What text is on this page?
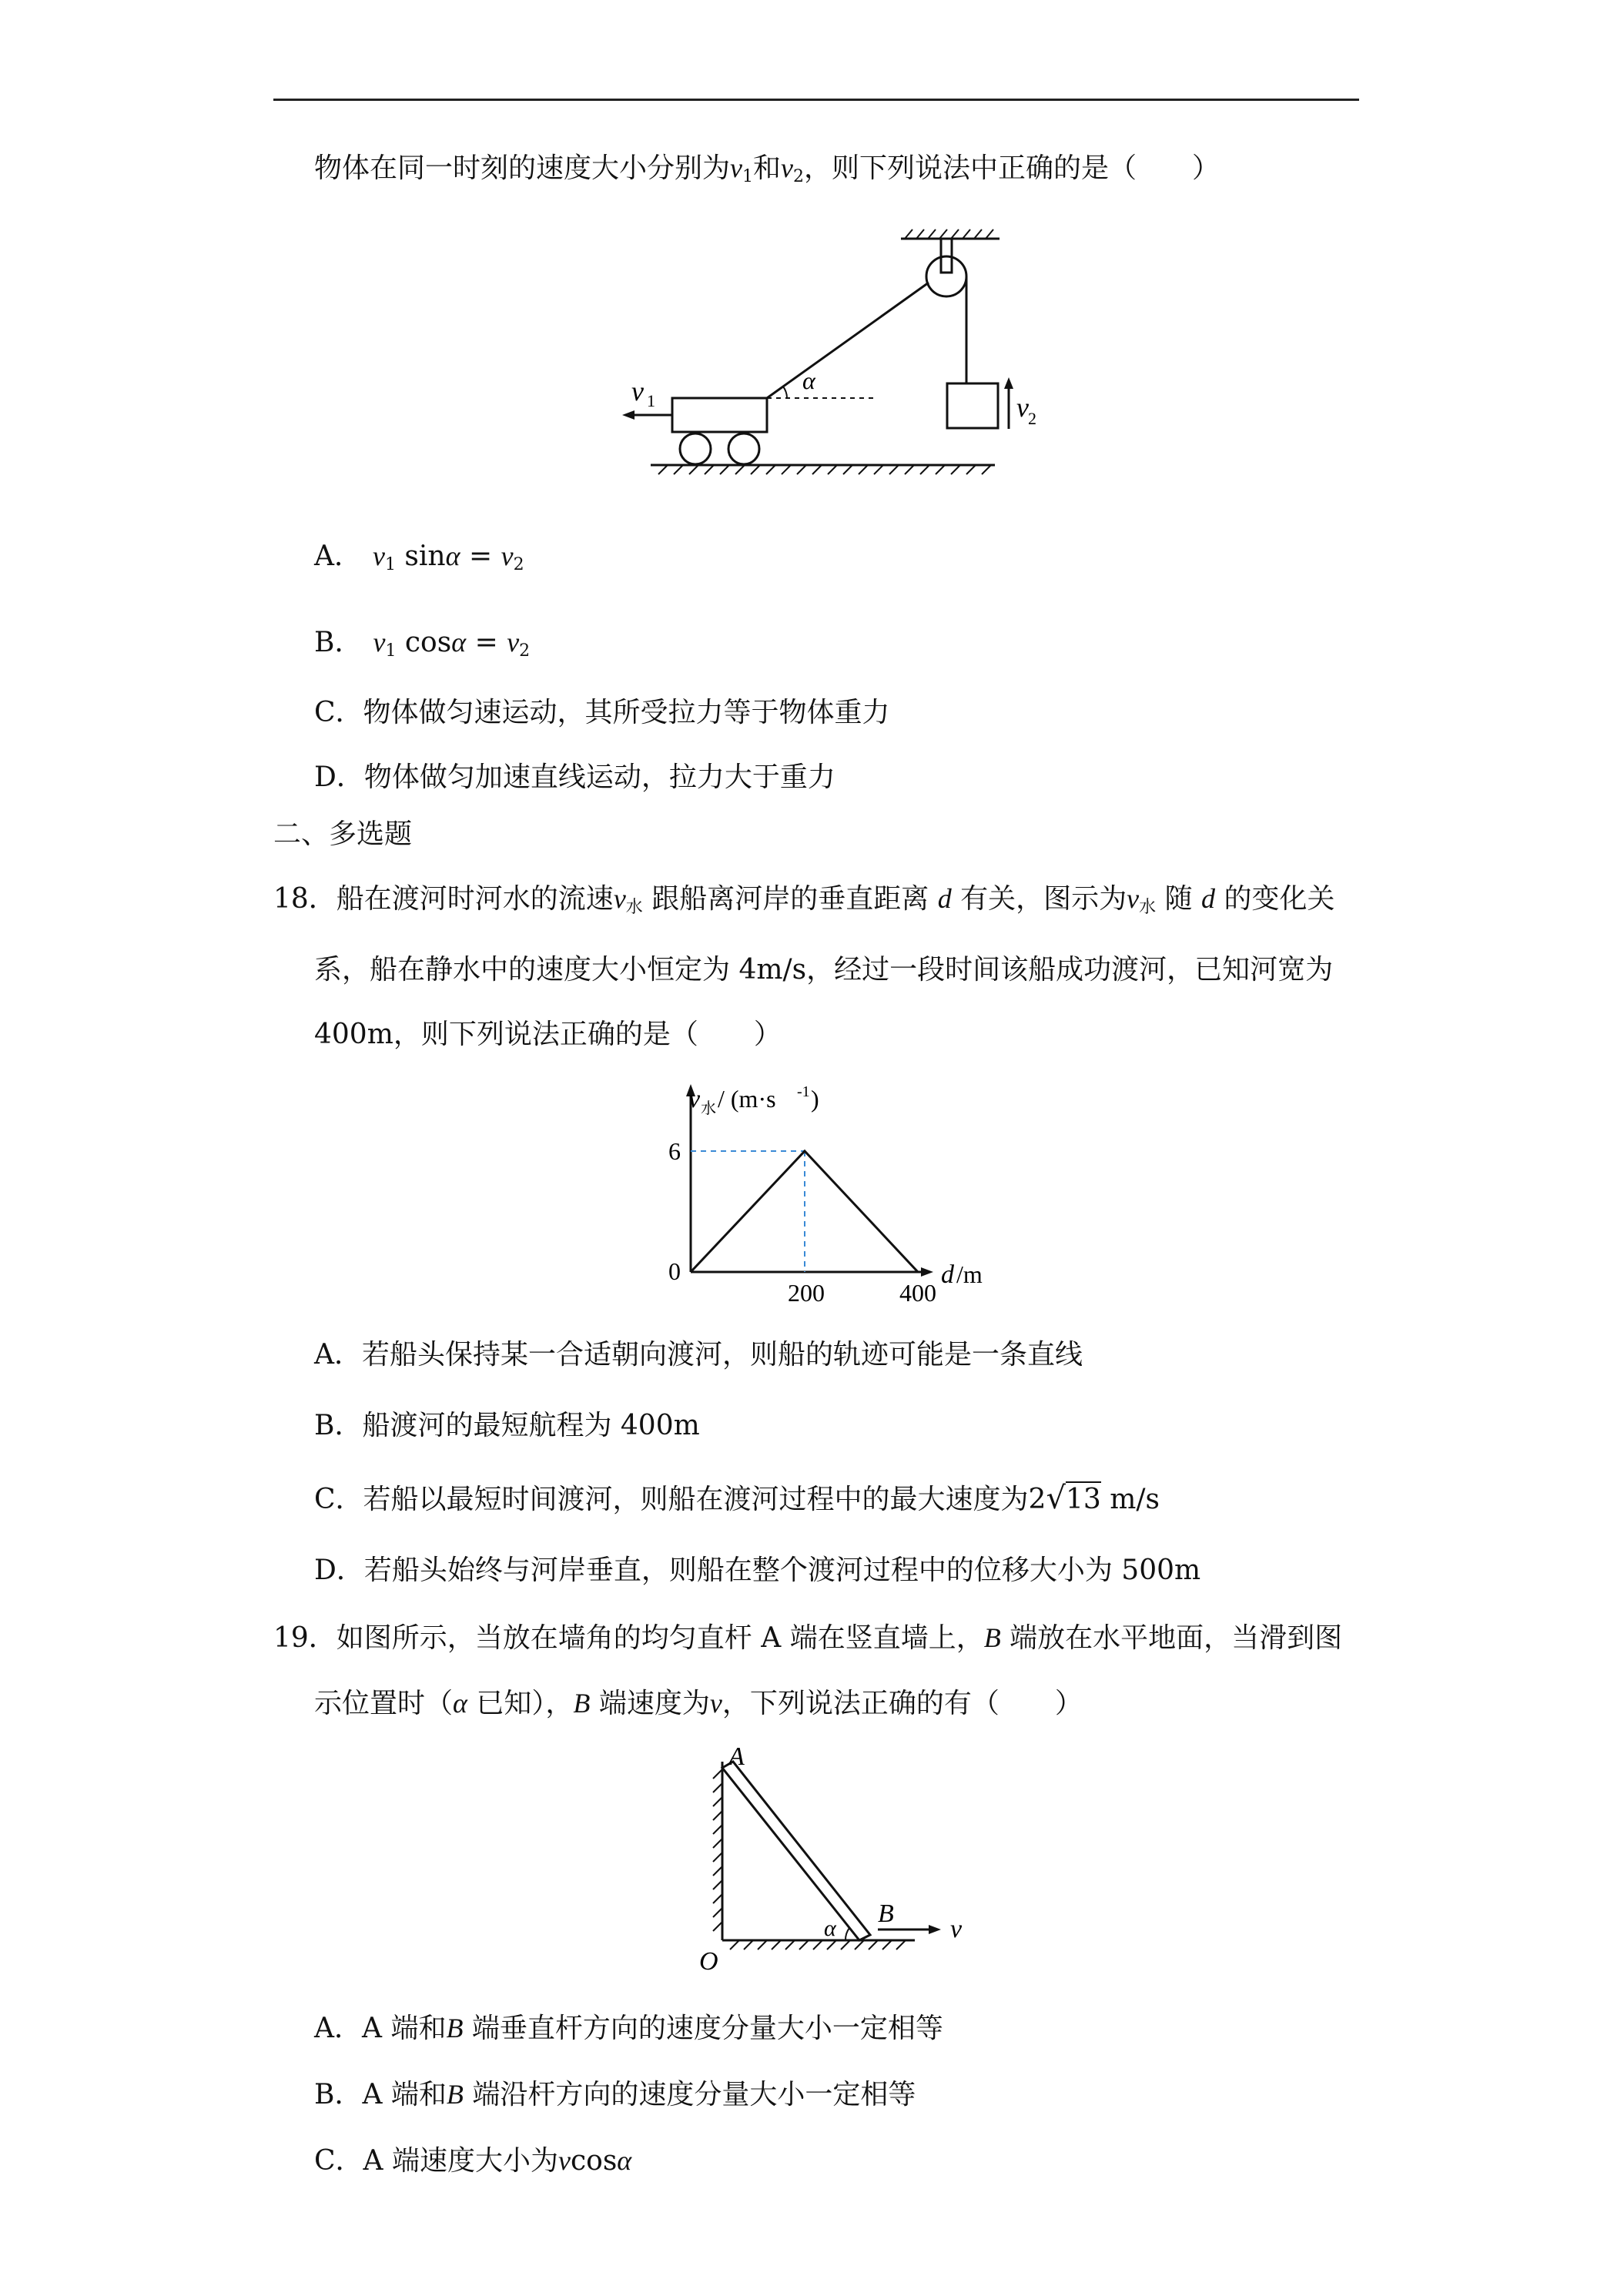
物体在同一时刻的速度大小分别为$v_1$和$v_2$，则下列说法中正确的是（　　）
v 1
α
v 2
A． $v_1$ $\sin\alpha = v_2$
B． $v_1$ $\cos\alpha = v_2$
C．物体做匀速运动，其所受拉力等于物体重力
D．物体做匀加速直线运动，拉力大于重力
二、多选题
18．船在渡河时河水的流速$v_水$ 跟船离河岸的垂直距离 d 有关，图示为$v_水$ 随 d 的变化关
系，船在静水中的速度大小恒定为 4m/s，经过一段时间该船成功渡河，已知河宽为
400m，则下列说法正确的是（　　）
v 水 / (m·s -1 )
6
0
200	400
d /m
A．若船头保持某一合适朝向渡河，则船的轨迹可能是一条直线
B．船渡河的最短航程为 400m
C．若船以最短时间渡河，则船在渡河过程中的最大速度为2√13 m/s
D．若船头始终与河岸垂直，则船在整个渡河过程中的位移大小为 500m
19．如图所示，当放在墙角的均匀直杆 A 端在竖直墙上，B 端放在水平地面，当滑到图
示位置时（α 已知），B 端速度为v，下列说法正确的有（　　）
A
B
O
α	v
A．A 端和B 端垂直杆方向的速度分量大小一定相等
B．A 端和B 端沿杆方向的速度分量大小一定相等
C．A 端速度大小为vcosα
